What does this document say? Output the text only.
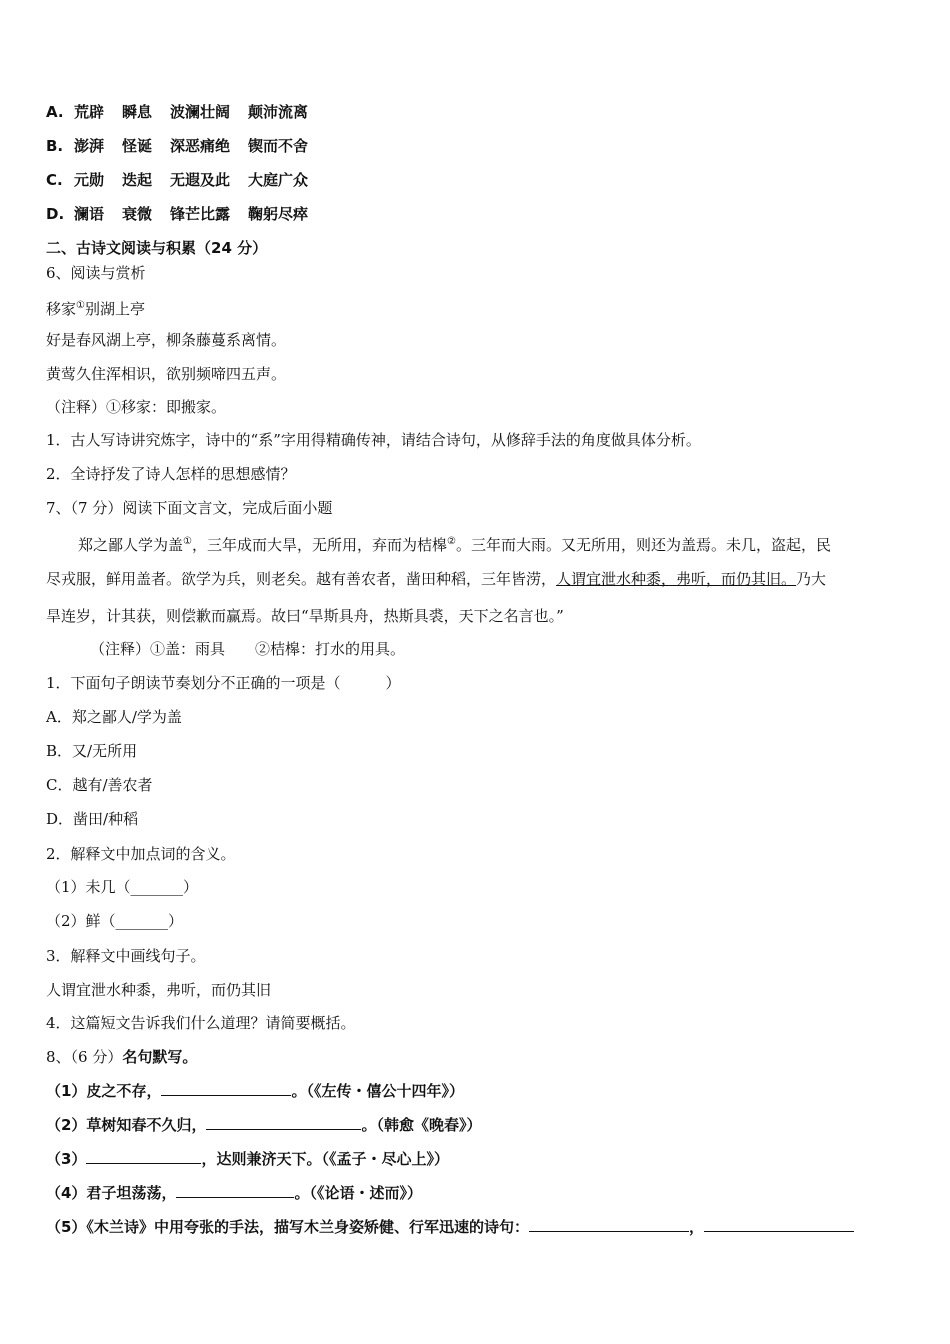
A. 荒辟 瞬息 波澜壮阔 颠沛流离
B. 澎湃 怪诞 深恶痛绝 锲而不舍
C. 元勋 迭起 无遐及此 大庭广众
D. 澜语 衰微 锋芒比露 鞠躬尽瘁
二、古诗文阅读与积累（24 分）
6、阅读与赏析
移家①别湖上亭
好是春风湖上亭，柳条藤蔓系离情。
黄莺久住浑相识，欲别频啼四五声。
（注释）①移家：即搬家。
1．古人写诗讲究炼字，诗中的“系”字用得精确传神，请结合诗句，从修辞手法的角度做具体分析。
2．全诗抒发了诗人怎样的思想感情？
7、（7 分）阅读下面文言文，完成后面小题
郑之鄙人学为盖①，三年成而大旱，无所用，弃而为桔槔②。三年而大雨。又无所用，则还为盖焉。未几，盗起，民
尽戎服，鲜用盖者。欲学为兵，则老矣。越有善农者，凿田种稻，三年皆涝，人谓宜泄水种黍，弗听，而仍其旧。乃大
旱连岁，计其获，则偿歉而赢焉。故曰“旱斯具舟，热斯具裘，天下之名言也。”
（注释）①盖：雨具　　②桔槔：打水的用具。
1．下面句子朗读节奏划分不正确的一项是（　　　）
A．郑之鄙人/学为盖
B．又/无所用
C．越有/善农者
D．凿田/种稻
2．解释文中加点词的含义。
（1）未几（_______）
（2）鲜（_______）
3．解释文中画线句子。
人谓宜泄水种黍，弗听，而仍其旧
4．这篇短文告诉我们什么道理？请简要概括。
8、（6 分）名句默写。
（1）皮之不存，	。（《左传・僖公十四年》）
（2）草树知春不久归，	。（韩愈《晚春》）
（3）	，达则兼济天下。（《孟子・尽心上》）
（4）君子坦荡荡，	。（《论语・述而》）
（5）《木兰诗》中用夸张的手法，描写木兰身姿矫健、行军迅速的诗句：	，
